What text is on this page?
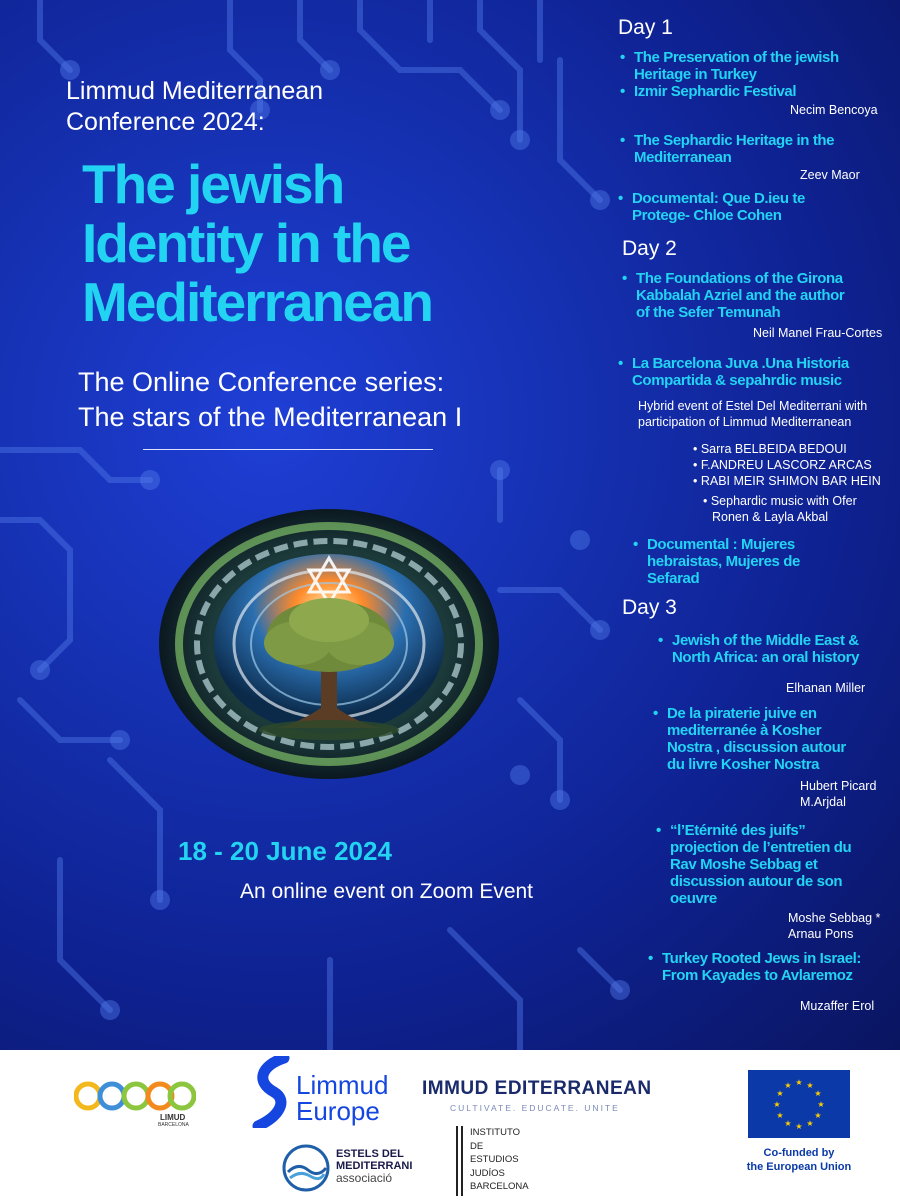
Limmud Mediterranean
Conference 2024:
The jewish
Identity in the
Mediterranean
The Online Conference series:
The stars of the Mediterranean I
18 - 20 June 2024
An online event on Zoom Event
Day 1
• The Preservation of the jewish
Heritage in Turkey
• Izmir Sephardic Festival
Necim Bencoya
• The Sephardic Heritage in the
Mediterranean
Zeev Maor
• Documental: Que D.ieu te
Protege- Chloe Cohen
Day 2
• The Foundations of the Girona
Kabbalah Azriel and the author
of the Sefer Temunah
Neil Manel Frau-Cortes
• La Barcelona Juva .Una Historia
Compartida & sepahrdic music
Hybrid event of Estel Del Mediterrani with
participation of Limmud Mediterranean
• Sarra BELBEIDA BEDOUI
• F.ANDREU LASCORZ ARCAS
• RABI MEIR SHIMON BAR HEIN
• Sephardic music with Ofer
Ronen & Layla Akbal
• Documental : Mujeres
hebraistas, Mujeres de
Sefarad
Day 3
• Jewish of the Middle East &
North Africa: an oral history
Elhanan Miller
• De la piraterie juive en
mediterranée à Kosher
Nostra , discussion autour
du livre Kosher Nostra
Hubert Picard
M.Arjdal
• “l’Etérnité des juifs”
projection de l’entretien du
Rav Moshe Sebbag et
discussion autour de son
oeuvre
Moshe Sebbag *
Arnau Pons
• Turkey Rooted Jews in Israel:
From Kayades to Avlaremoz
Muzaffer Erol
LIMUD
BARCELONA
Limmud
Europe
IMMUD EDITERRANEAN
CULTIVATE. EDUCATE. UNITE
ESTELS DEL
MEDITERRANI
associació
INSTITUTO
DE
ESTUDIOS
JUDÍOS
BARCELONA
★ ★
★
★
★
★
★
★
★
★
★
★
Co-funded by
the European Union
